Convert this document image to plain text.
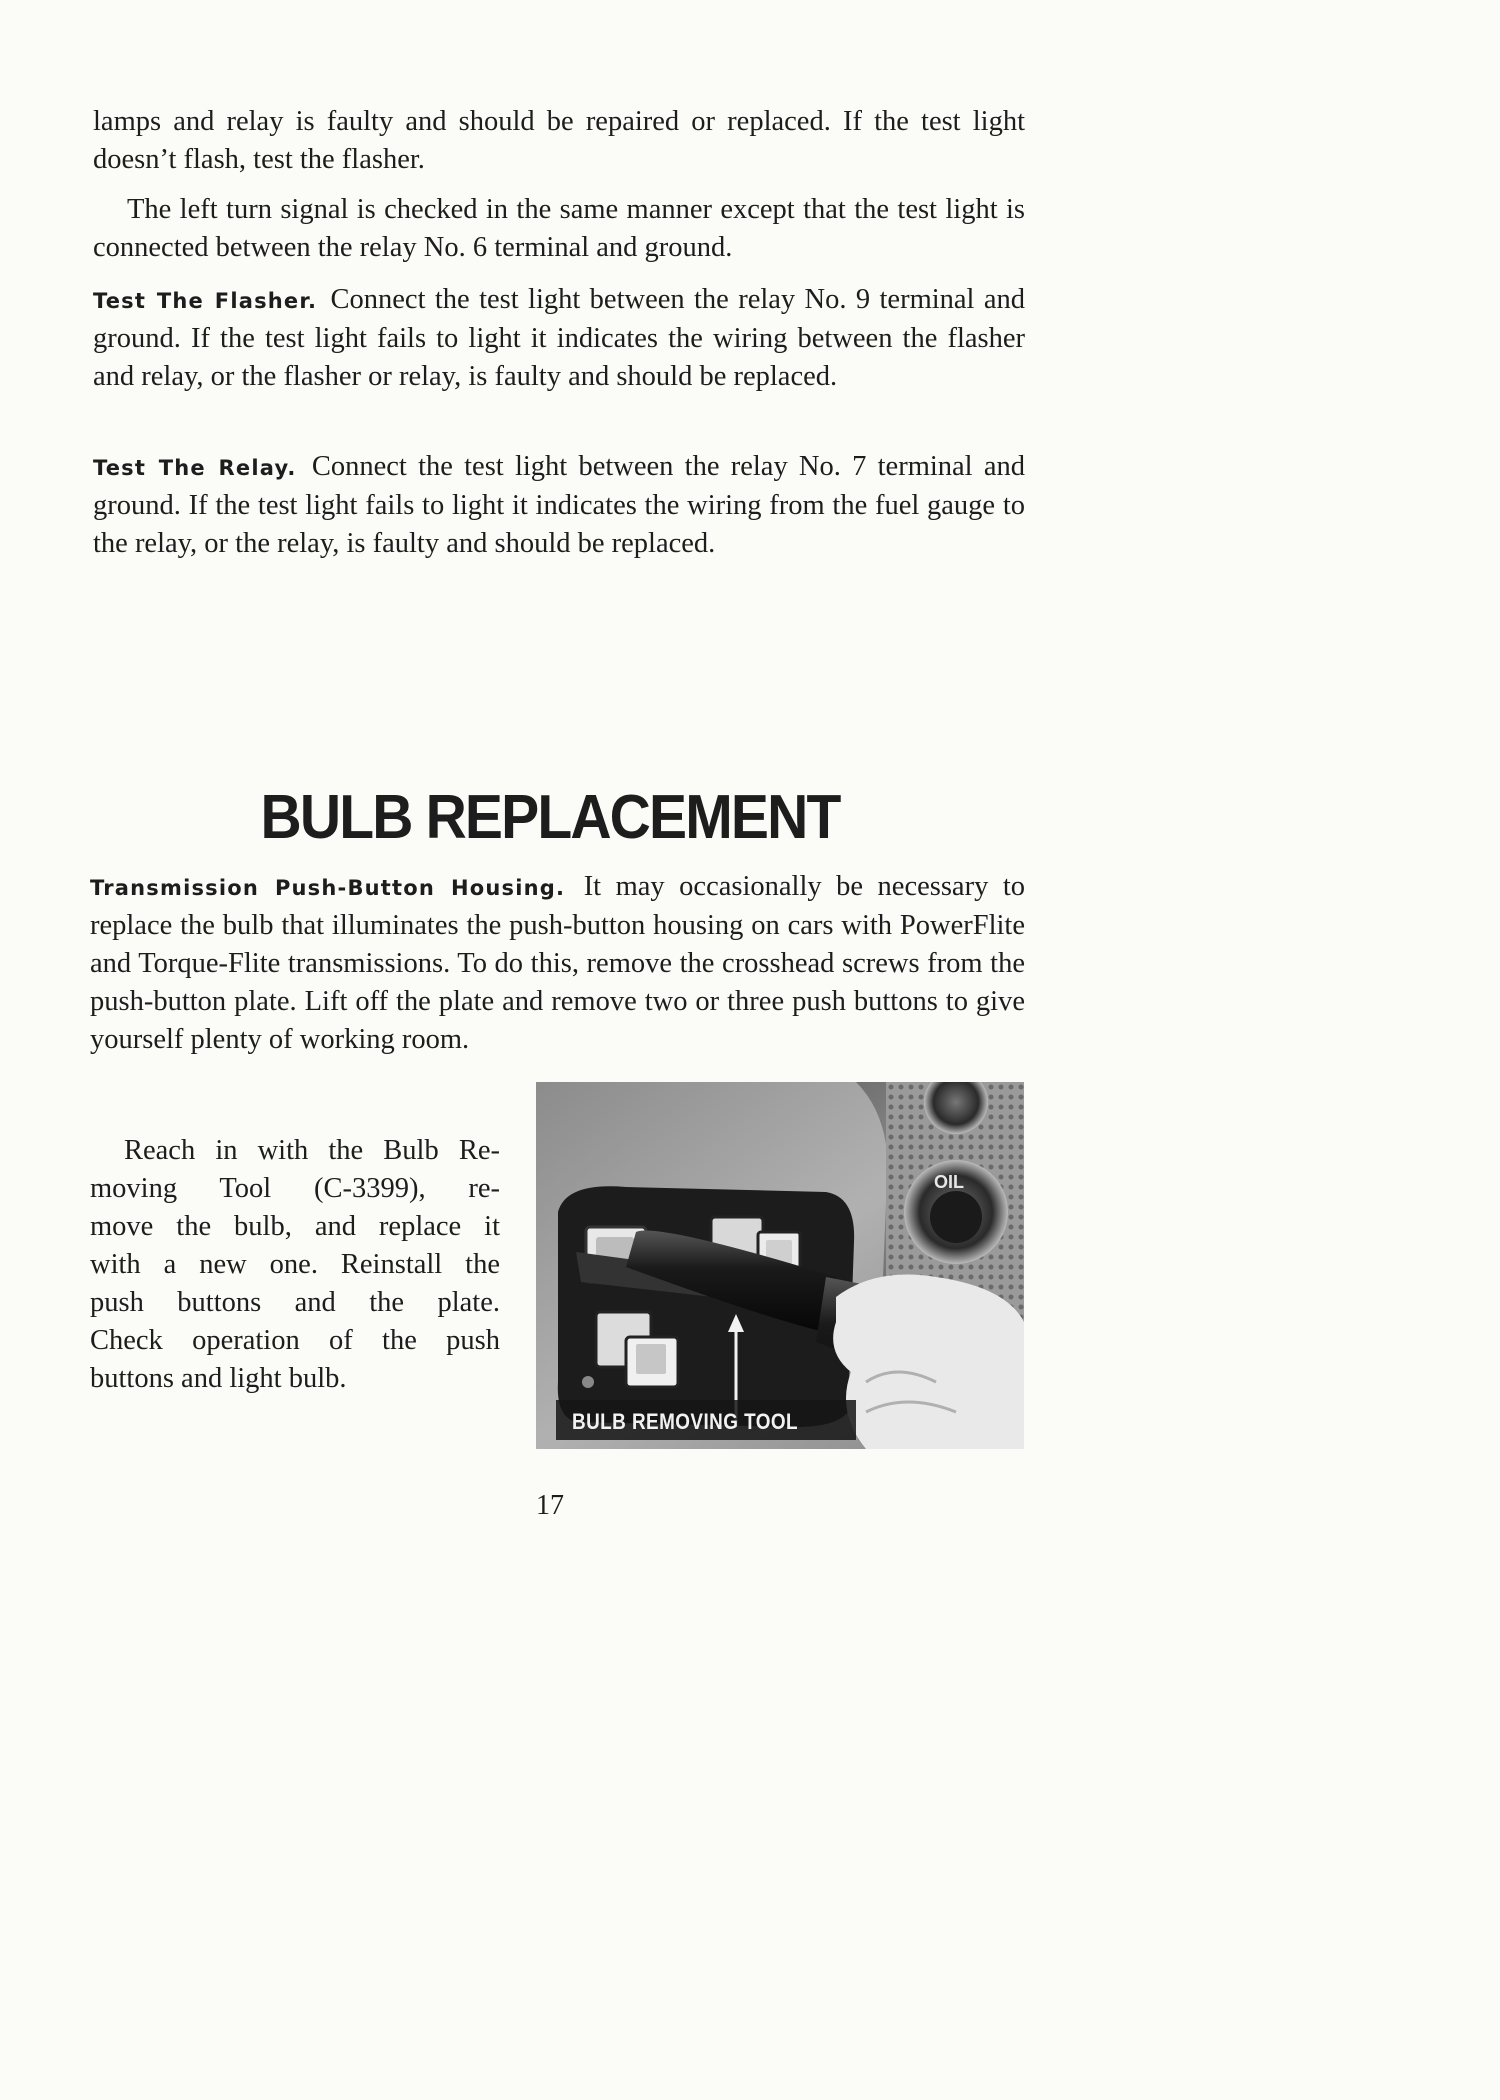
lamps and relay is faulty and should be repaired or replaced. If the test light doesn’t flash, test the flasher.

The left turn signal is checked in the same manner except that the test light is connected between the relay No. 6 terminal and ground.

Test The Flasher. Connect the test light between the relay No. 9 terminal and ground. If the test light fails to light it indicates the wiring between the flasher and relay, or the flasher or relay, is faulty and should be replaced.

Test The Relay. Connect the test light between the relay No. 7 terminal and ground. If the test light fails to light it indicates the wiring from the fuel gauge to the relay, or the relay, is faulty and should be replaced.

BULB REPLACEMENT

Transmission Push-Button Housing. It may occasionally be necessary to replace the bulb that illuminates the push-button housing on cars with PowerFlite and Torque-Flite transmissions. To do this, remove the crosshead screws from the push-button plate. Lift off the plate and remove two or three push buttons to give yourself plenty of working room.

Reach in with the Bulb Re-
moving Tool (C-3399), re-
move the bulb, and replace it
with a new one. Reinstall the
push buttons and the plate.
Check operation of the push
buttons and light bulb.
OIL
BULB REMOVING TOOL
17
